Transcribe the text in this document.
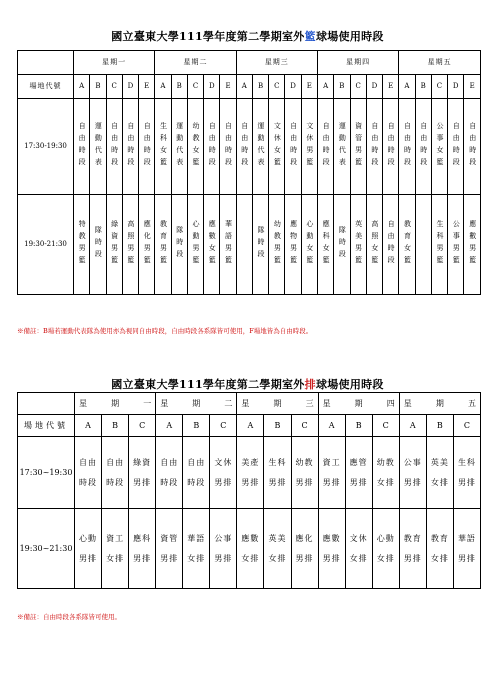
國立臺東大學111學年度第二學期室外籃球場使用時段
	星期一					星期二					星期三					星期四					星期五				
場地代號	A	B	C	D	E	A	B	C	D	E	A	B	C	D	E	A	B	C	D	E	A	B	C	D	E
17:30-19:30	自由時段	運動代表	自由時段	自由時段	自由時段	生科女籃	運動代表	幼教女籃	自由時段	自由時段	自由時段	運動代表	文休女籃	自由時段	文休男籃	自由時段	運動代表	資管男籃	自由時段	自由時段	自由時段	自由時段	公事女籃	自由時段	自由時段
19:30-21:30	特教男籃	隊時段	綠資男籃	高照男籃	應化男籃	教育男籃	隊時段	心動男籃	應數女籃	華語男籃		隊時段	幼教男籃	應物男籃	心動女籃	應科女籃	隊時段	英美男籃	高照女籃	自由時段	教育女籃		生科男籃	公事男籃	應數男籃
※備註：B場若運動代表隊為使用亦為視同自由時段，自由時段各系隊皆可使用，F場地皆為自由時段。
國立臺東大學111學年度第二學期室外排球場使用時段

	星 期 一			星 期 二			星 期 三			星 期 四			星 期 五		

場地代號	A	B	C	A	B	C	A	B	C	A	B	C	A	B	C
17:30~19:30	自由時段	自由時段	綠資男排	自由時段	自由時段	文休男排	美產男排	生科男排	幼教男排	資工男排	應管男排	幼教女排	公事男排	英美女排	生科男排
19:30~21:30	心動男排	資工女排	應科男排	資管男排	華語女排	公事男排	應數女排	英美女排	應化男排	應數男排	文休女排	心動女排	教育男排	教育女排	華語男排
※備註：自由時段各系隊皆可使用。
